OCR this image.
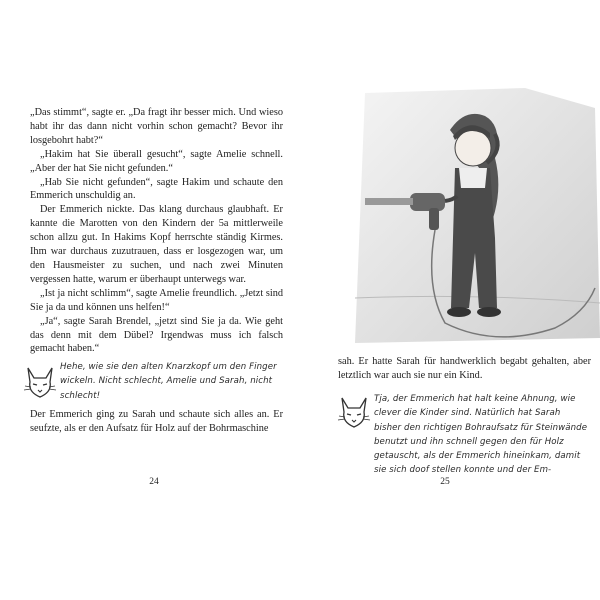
„Das stimmt“, sagte er. „Da fragt ihr besser mich. Und wieso habt ihr das dann nicht vorhin schon gemacht? Bevor ihr losgebohrt habt?“

„Hakim hat Sie überall gesucht“, sagte Amelie schnell. „Aber der hat Sie nicht gefunden.“

„Hab Sie nicht gefunden“, sagte Hakim und schaute den Emmerich unschuldig an.

Der Emmerich nickte. Das klang durchaus glaubhaft. Er kannte die Marotten von den Kindern der 5a mittlerweile schon allzu gut. In Hakims Kopf herrschte ständig Kirmes. Ihm war durchaus zuzutrauen, dass er losgezogen war, um den Hausmeister zu suchen, und nach zwei Minuten vergessen hatte, warum er überhaupt unterwegs war.

„Ist ja nicht schlimm“, sagte Amelie freundlich. „Jetzt sind Sie ja da und können uns helfen!“

„Ja“, sagte Sarah Brendel, „jetzt sind Sie ja da. Wie geht das denn mit dem Dübel? Irgendwas muss ich falsch gemacht haben.“

Hehe, wie sie den alten Knarzkopf um den Finger wickeln. Nicht schlecht, Amelie und Sarah, nicht schlecht!

Der Emmerich ging zu Sarah und schaute sich alles an. Er seufzte, als er den Aufsatz für Holz auf der Bohrmaschine

24

sah. Er hatte Sarah für handwerklich begabt gehalten, aber letztlich war auch sie nur ein Kind.

Tja, der Emmerich hat halt keine Ahnung, wie clever die Kinder sind. Natürlich hat Sarah bisher den richtigen Bohraufsatz für Steinwände benutzt und ihn schnell gegen den für Holz getauscht, als der Emmerich hineinkam, damit sie sich doof stellen konnte und der Em-
25
